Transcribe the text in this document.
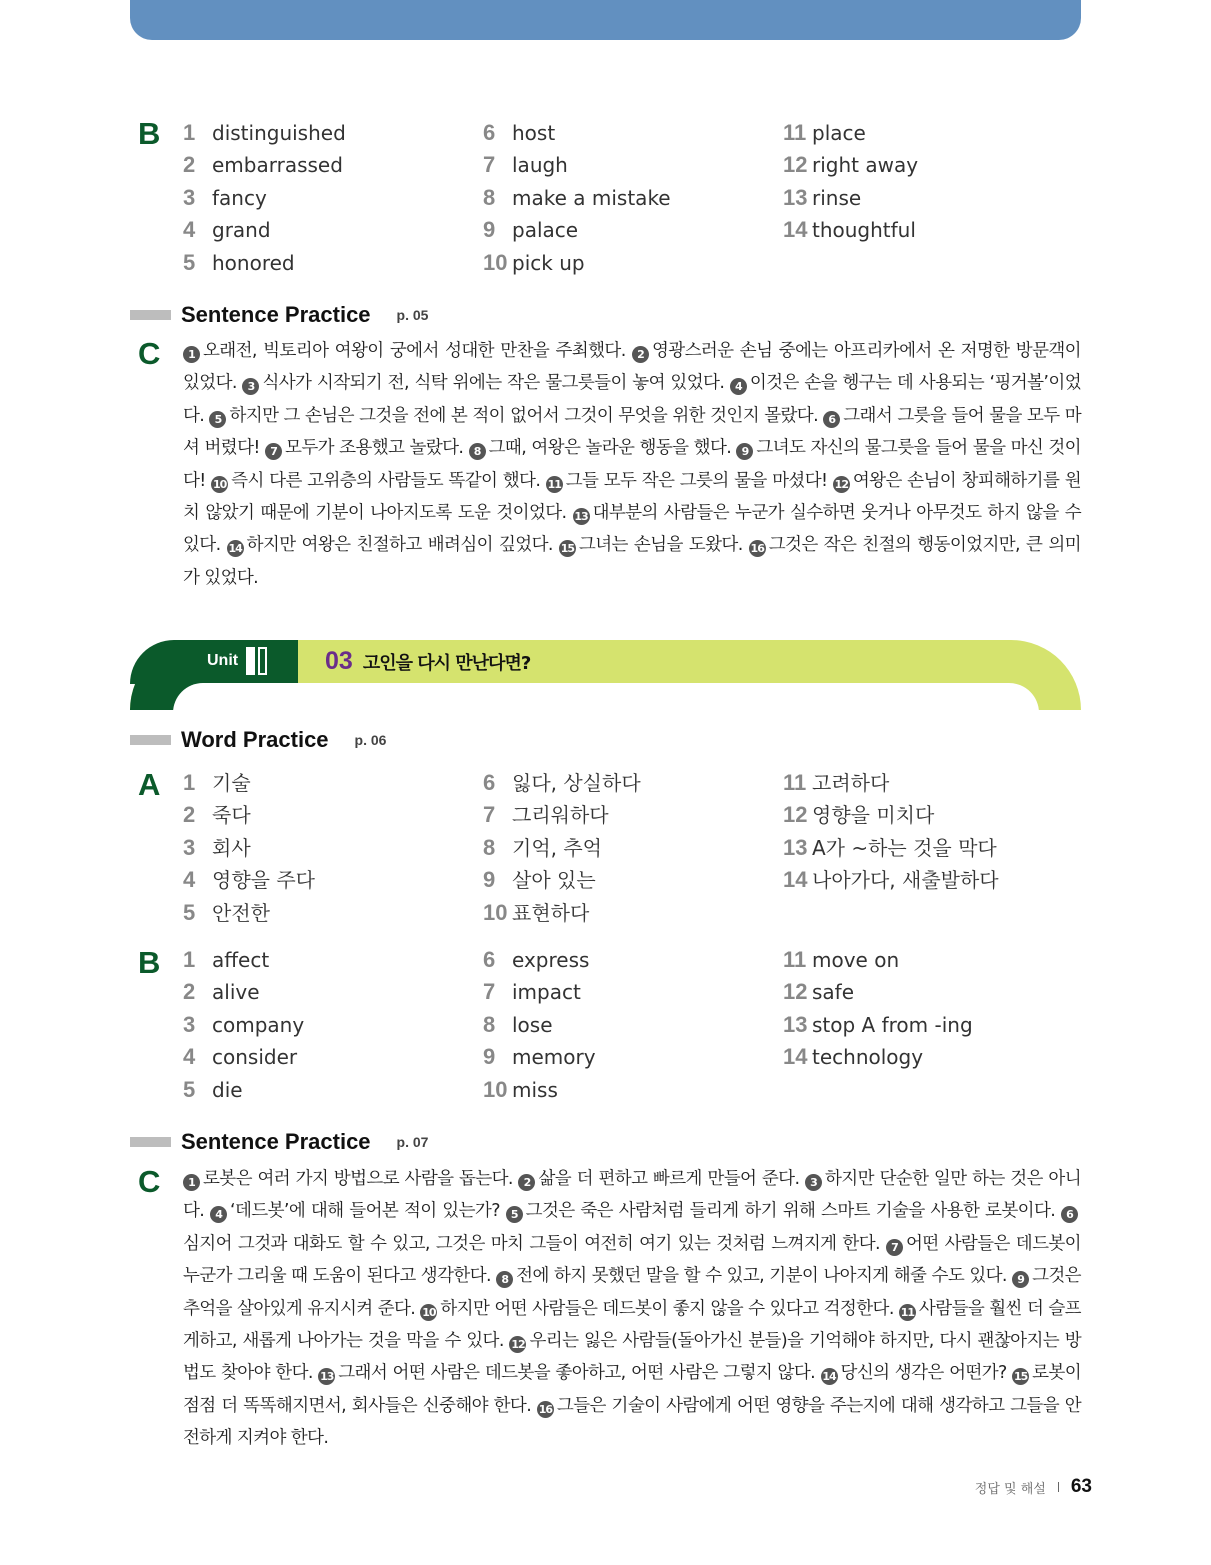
B 1 distinguished
2 embarrassed
3 fancy
4 grand
5 honored
6 host
7 laugh
8 make a mistake
9 palace
10 pick up
11 place
12 right away
13 rinse
14 thoughtful
Sentence Practice p. 05
C	1 오래전, 빅토리아 여왕이 궁에서 성대한 만찬을 주최했다. 2 영광스러운 손님 중에는 아프리카에서 온 저명한 방문객이 있었다. 3 식사가 시작되기 전, 식탁 위에는 작은 물그릇들이 놓여 있었다. 4 이것은 손을 헹구는 데 사용되는 ‘핑거볼’이었다. 5 하지만 그 손님은 그것을 전에 본 적이 없어서 그것이 무엇을 위한 것인지 몰랐다. 6 그래서 그릇을 들어 물을 모두 마셔 버렸다! 7 모두가 조용했고 놀랐다. 8 그때, 여왕은 놀라운 행동을 했다. 9 그녀도 자신의 물그릇을 들어 물을 마신 것이다! 10 즉시 다른 고위층의 사람들도 똑같이 했다. 11 그들 모두 작은 그릇의 물을 마셨다! 12 여왕은 손님이 창피해하기를 원치 않았기 때문에 기분이 나아지도록 도운 것이었다. 13 대부분의 사람들은 누군가 실수하면 웃거나 아무것도 하지 않을 수 있다. 14 하지만 여왕은 친절하고 배려심이 깊었다. 15 그녀는 손님을 도왔다. 16 그것은 작은 친절의 행동이었지만, 큰 의미가 있었다.
Unit	03 고인을 다시 만난다면?
Word Practice p. 06
A 1 기술
2 죽다
3 회사
4 영향을 주다
5 안전한
6 잃다, 상실하다
7 그리워하다
8 기억, 추억
9 살아 있는
10 표현하다
11 고려하다
12 영향을 미치다
13 A가 ~하는 것을 막다
14 나아가다, 새출발하다
B 1 affect
2 alive
3 company
4 consider
5 die
6 express
7 impact
8 lose
9 memory
10 miss
11 move on
12 safe
13 stop A from -ing
14 technology
Sentence Practice p. 07
C	1 로봇은 여러 가지 방법으로 사람을 돕는다. 2 삶을 더 편하고 빠르게 만들어 준다. 3 하지만 단순한 일만 하는 것은 아니다. 4 ‘데드봇’에 대해 들어본 적이 있는가? 5 그것은 죽은 사람처럼 들리게 하기 위해 스마트 기술을 사용한 로봇이다. 6심지어 그것과 대화도 할 수 있고, 그것은 마치 그들이 여전히 여기 있는 것처럼 느껴지게 한다. 7 어떤 사람들은 데드봇이 누군가 그리울 때 도움이 된다고 생각한다. 8 전에 하지 못했던 말을 할 수 있고, 기분이 나아지게 해줄 수도 있다. 9 그것은 추억을 살아있게 유지시켜 준다. 10 하지만 어떤 사람들은 데드봇이 좋지 않을 수 있다고 걱정한다. 11 사람들을 훨씬 더 슬프게하고, 새롭게 나아가는 것을 막을 수 있다. 12 우리는 잃은 사람들(돌아가신 분들)을 기억해야 하지만, 다시 괜찮아지는 방법도 찾아야 한다. 13 그래서 어떤 사람은 데드봇을 좋아하고, 어떤 사람은 그렇지 않다. 14 당신의 생각은 어떤가? 15 로봇이 점점 더 똑똑해지면서, 회사들은 신중해야 한다. 16 그들은 기술이 사람에게 어떤 영향을 주는지에 대해 생각하고 그들을 안전하게 지켜야 한다.
정답 및 해설 63
